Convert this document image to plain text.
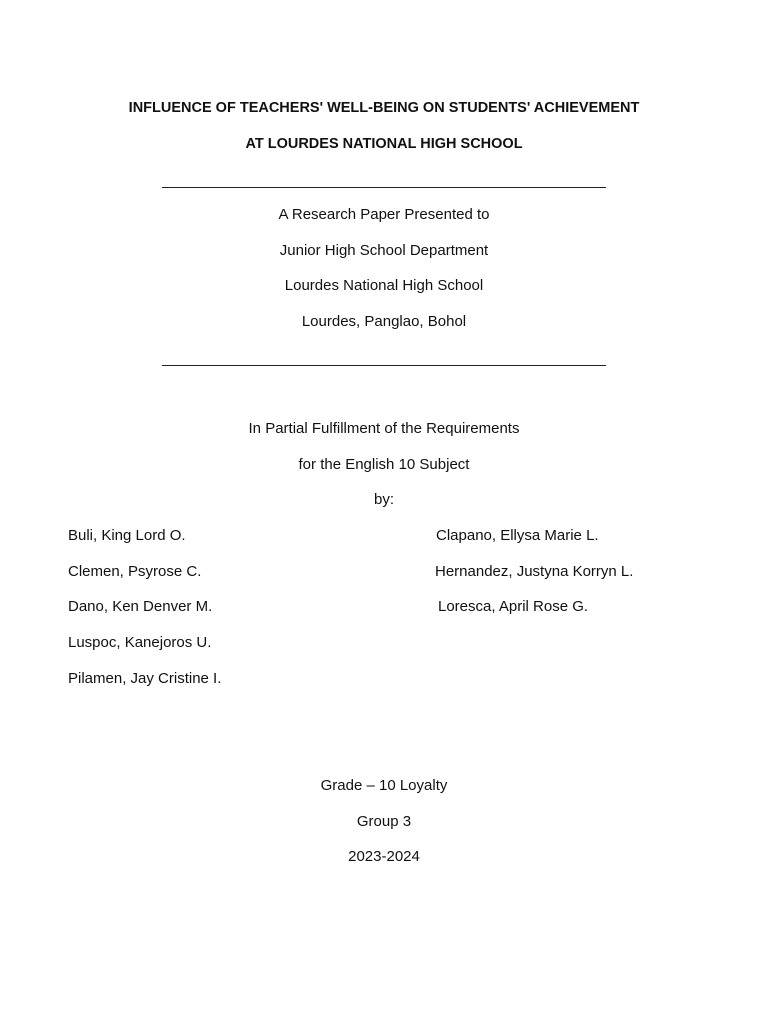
INFLUENCE OF TEACHERS' WELL-BEING ON STUDENTS' ACHIEVEMENT
AT LOURDES NATIONAL HIGH SCHOOL
A Research Paper Presented to
Junior High School Department
Lourdes National High School
Lourdes, Panglao, Bohol
In Partial Fulfillment of the Requirements
for the English 10 Subject
by:
Buli, King Lord O.
Clemen, Psyrose C.
Dano, Ken Denver M.
Luspoc, Kanejoros U.
Pilamen, Jay Cristine I.
Clapano, Ellysa Marie L.
Hernandez, Justyna Korryn L.
Loresca, April Rose G.
Grade – 10 Loyalty
Group 3
2023-2024
